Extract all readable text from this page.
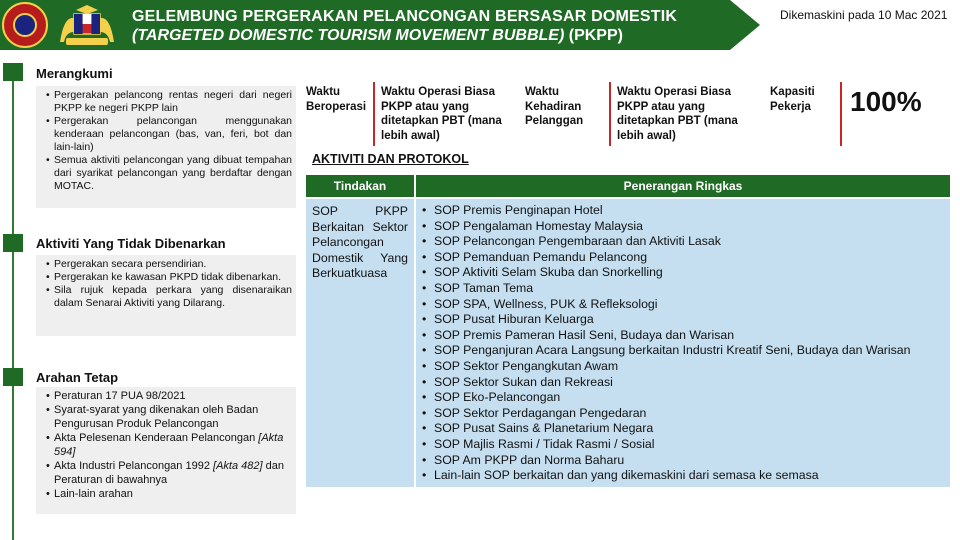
GELEMBUNG PERGERAKAN PELANCONGAN BERSASAR DOMESTIK
(TARGETED DOMESTIC TOURISM MOVEMENT BUBBLE) (PKPP)
Dikemaskini pada 10 Mac 2021
Merangkumi
• Pergerakan pelancong rentas negeri dari negeri PKPP ke negeri PKPP lain
• Pergerakan pelancongan menggunakan kenderaan pelancongan (bas, van, feri, bot dan lain-lain)
• Semua aktiviti pelancongan yang dibuat tempahan dari syarikat pelancongan yang berdaftar dengan MOTAC.
Aktiviti Yang Tidak Dibenarkan
• Pergerakan secara persendirian.
• Pergerakan ke kawasan PKPD tidak dibenarkan.
• Sila rujuk kepada perkara yang disenaraikan dalam Senarai Aktiviti yang Dilarang.
Arahan Tetap
• Peraturan 17 PUA 98/2021
• Syarat-syarat yang dikenakan oleh Badan Pengurusan Produk Pelancongan
• Akta Pelesenan Kenderaan Pelancongan [Akta 594]
• Akta Industri Pelancongan 1992 [Akta 482] dan Peraturan di bawahnya
• Lain-lain arahan
Waktu Beroperasi
Waktu Operasi Biasa PKPP atau yang ditetapkan PBT (mana lebih awal)
Waktu Kehadiran Pelanggan
Waktu Operasi Biasa PKPP atau yang ditetapkan PBT (mana lebih awal)
Kapasiti Pekerja	100%
AKTIVITI DAN PROTOKOL
Tindakan	Penerangan Ringkas
SOP PKPP Berkaitan Sektor Pelancongan Domestik Yang Berkuatkuasa
• SOP Premis Penginapan Hotel
• SOP Pengalaman Homestay Malaysia
• SOP Pelancongan Pengembaraan dan Aktiviti Lasak
• SOP Pemanduan Pemandu Pelancong
• SOP Aktiviti Selam Skuba dan Snorkelling
• SOP Taman Tema
• SOP SPA, Wellness, PUK & Refleksologi
• SOP Pusat Hiburan Keluarga
• SOP Premis Pameran Hasil Seni, Budaya dan Warisan
• SOP Penganjuran Acara Langsung berkaitan Industri Kreatif Seni, Budaya dan Warisan
• SOP Sektor Pengangkutan Awam
• SOP Sektor Sukan dan Rekreasi
• SOP Eko-Pelancongan
• SOP Sektor Perdagangan Pengedaran
• SOP Pusat Sains & Planetarium Negara
• SOP Majlis Rasmi / Tidak Rasmi / Sosial
• SOP Am PKPP dan Norma Baharu
• Lain-lain SOP berkaitan dan yang dikemaskini dari semasa ke semasa
